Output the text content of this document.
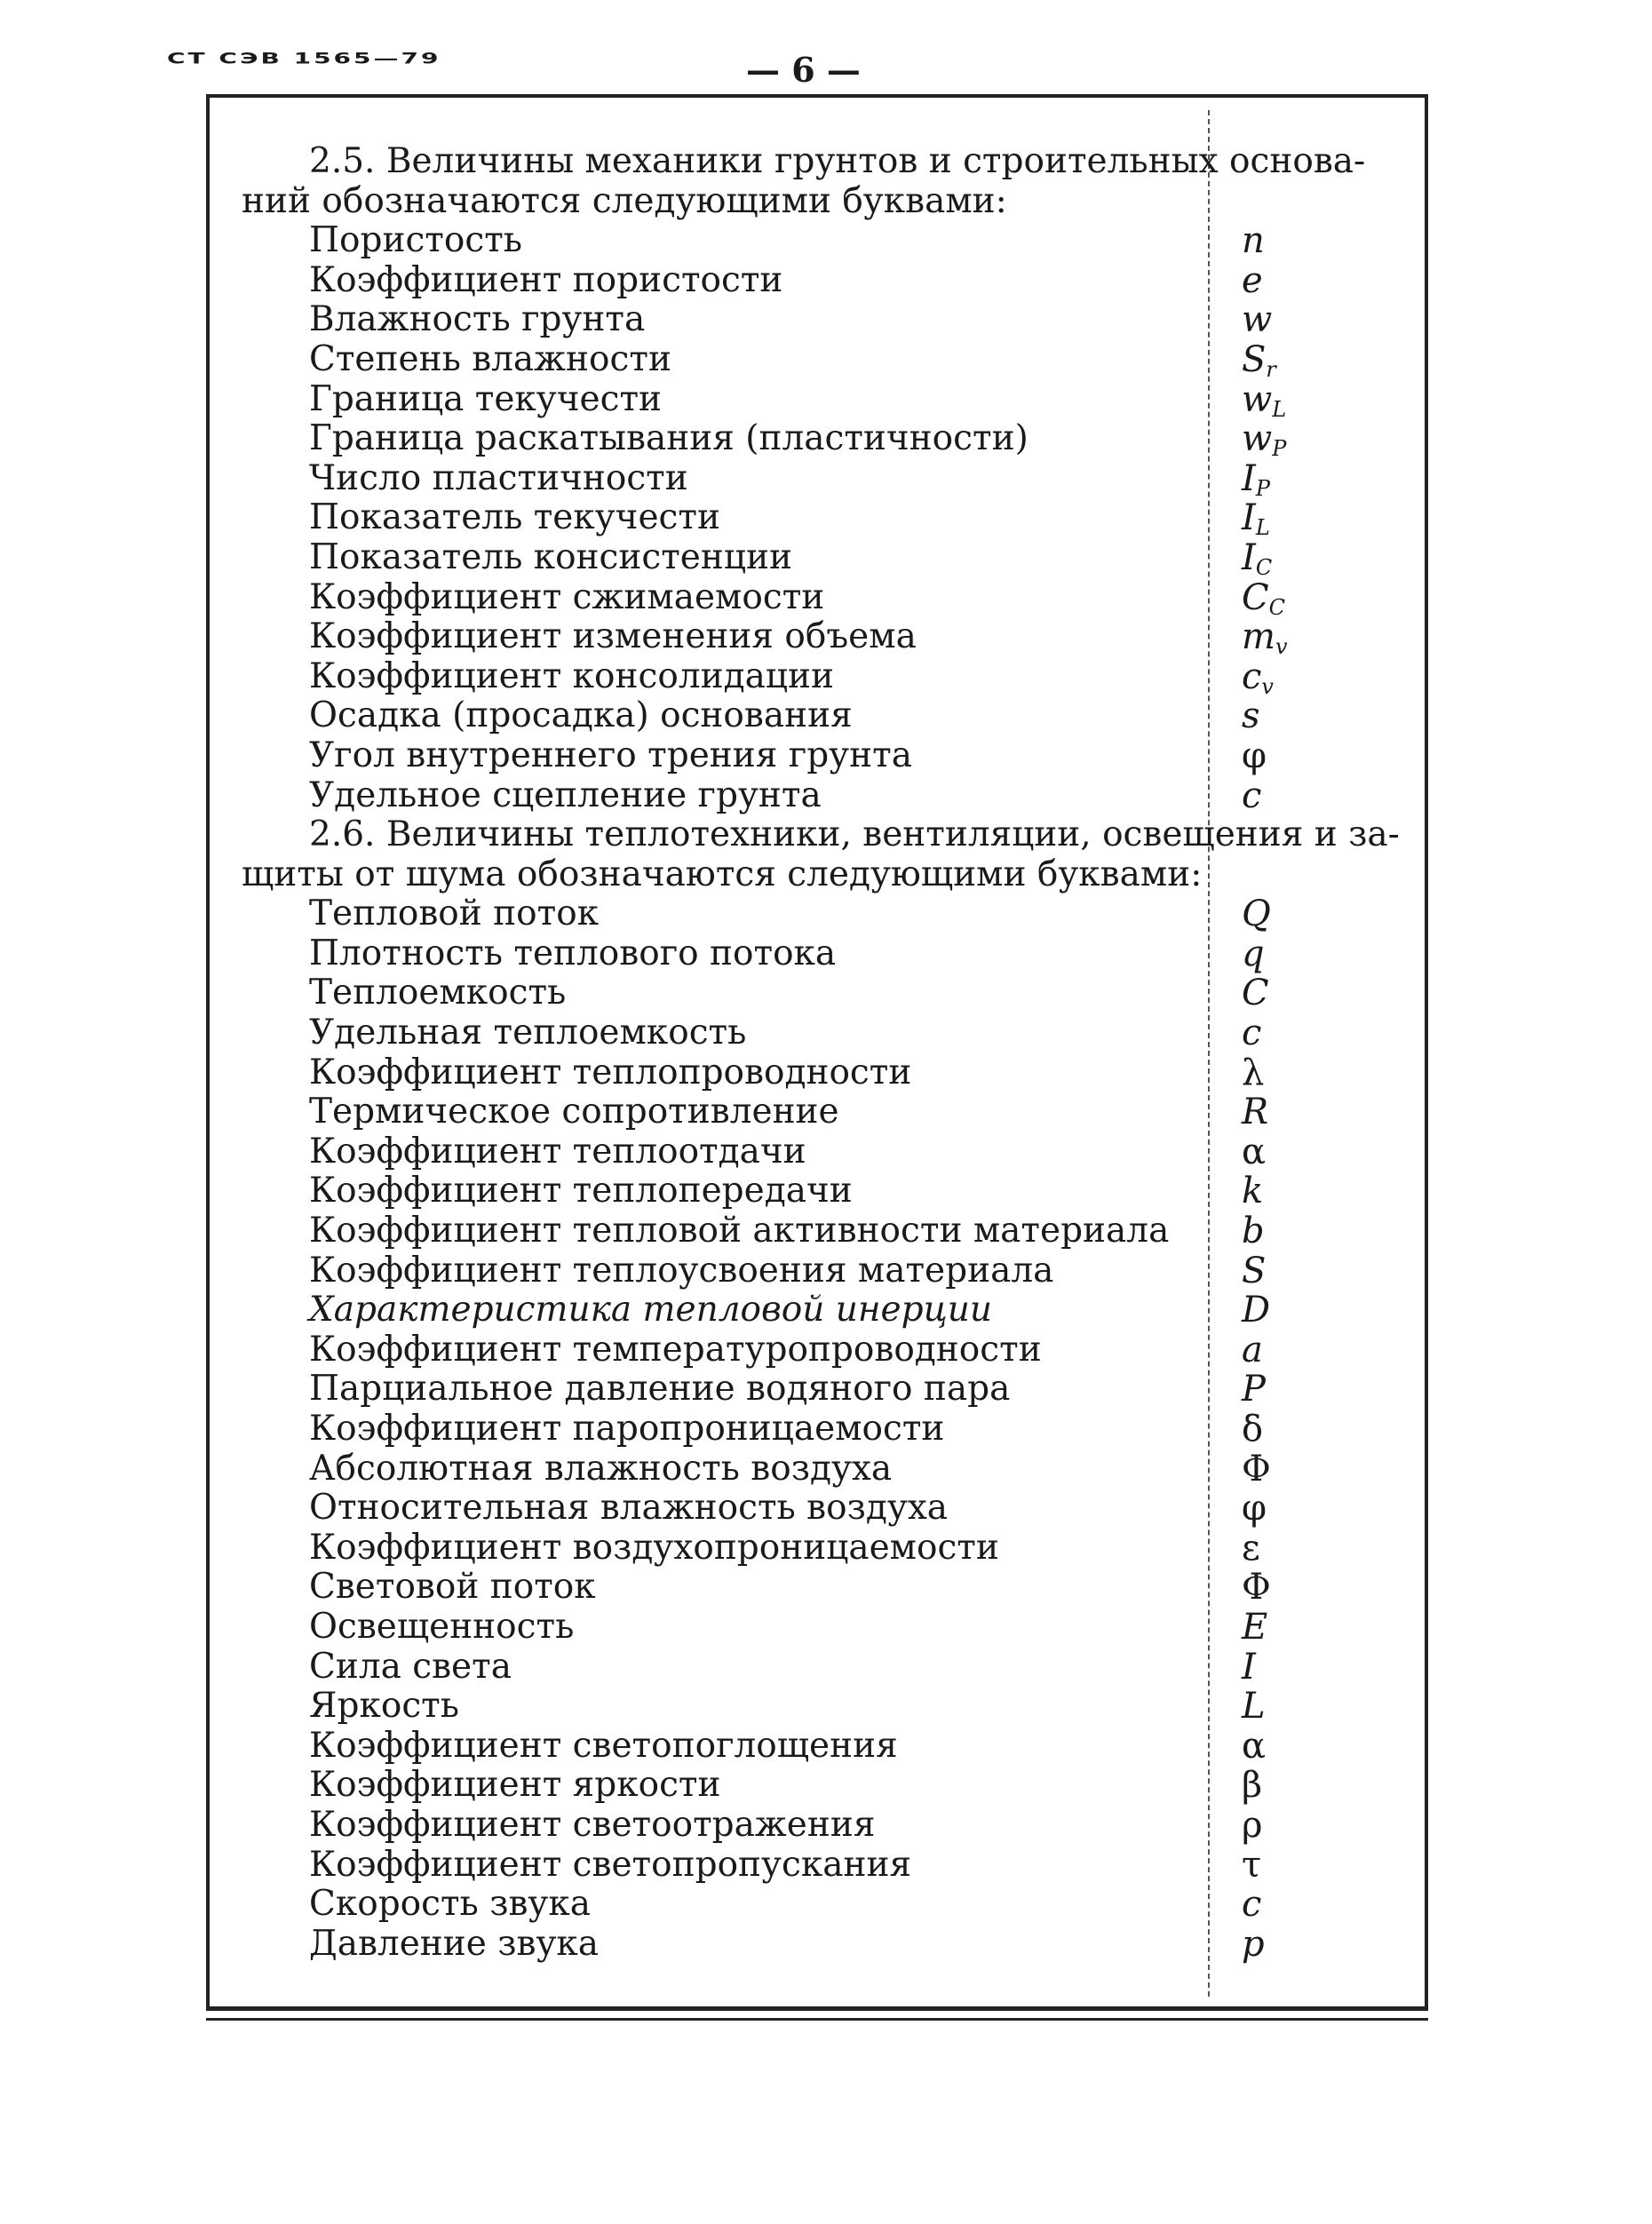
СТ СЭВ 1565—79	— 6 —
2.5. Величины механики грунтов и строительных основа-
ний обозначаются следующими буквами:
Пористость	n
Коэффициент пористости	e
Влажность грунта	w
Степень влажности	$S_r$
Граница текучести	$w_L$
Граница раскатывания (пластичности)	$w_P$
Число пластичности	$I_P$
Показатель текучести	$I_L$
Показатель консистенции	$I_C$
Коэффициент сжимаемости	$C_C$
Коэффициент изменения объема	$m_v$
Коэффициент консолидации	$c_v$
Осадка (просадка) основания	s
Угол внутреннего трения грунта	φ
Удельное сцепление грунта	c
2.6. Величины теплотехники, вентиляции, освещения и за-
щиты от шума обозначаются следующими буквами:
Тепловой поток	Q
Плотность теплового потока	q
Теплоемкость	C
Удельная теплоемкость	c
Коэффициент теплопроводности	λ
Термическое сопротивление	R
Коэффициент теплоотдачи	α
Коэффициент теплопередачи	k
Коэффициент тепловой активности материала b
Коэффициент теплоусвоения материала	S
Характеристика тепловой инерции	D
Коэффициент температуропроводности	a
Парциальное давление водяного пара	P
Коэффициент паропроницаемости	δ
Абсолютная влажность воздуха	Φ
Относительная влажность воздуха	φ
Коэффициент воздухопроницаемости	ε
Световой поток	Φ
Освещенность	E
Сила света	I
Яркость	L
Коэффициент светопоглощения	α
Коэффициент яркости	β
Коэффициент светоотражения	ρ
Коэффициент светопропускания	τ
Скорость звука	c
Давление звука	p
